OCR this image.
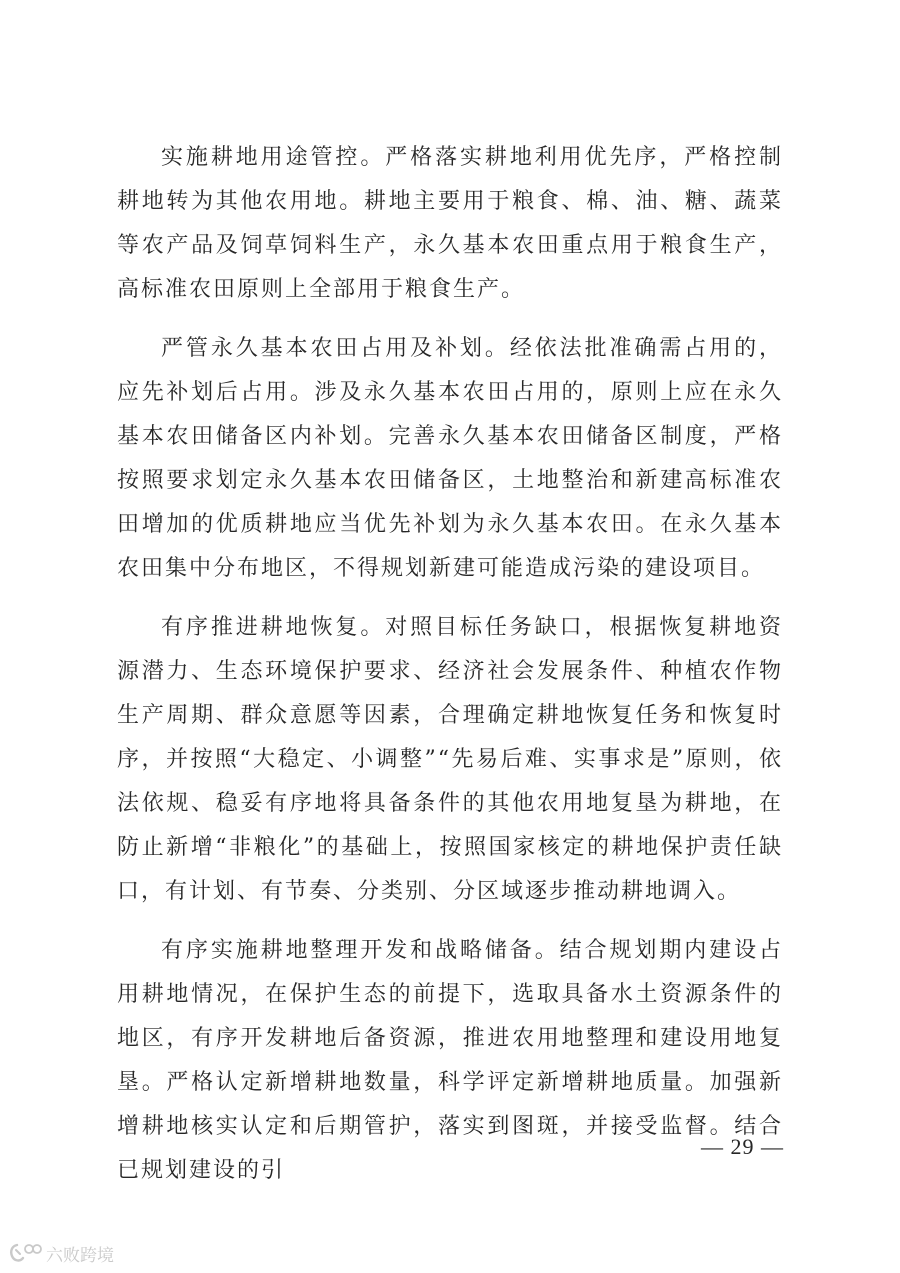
实施耕地用途管控。严格落实耕地利用优先序，严格控制耕地转为其他农用地。耕地主要用于粮食、棉、油、糖、蔬菜等农产品及饲草饲料生产，永久基本农田重点用于粮食生产，高标准农田原则上全部用于粮食生产。

严管永久基本农田占用及补划。经依法批准确需占用的，应先补划后占用。涉及永久基本农田占用的，原则上应在永久基本农田储备区内补划。完善永久基本农田储备区制度，严格按照要求划定永久基本农田储备区，土地整治和新建高标准农田增加的优质耕地应当优先补划为永久基本农田。在永久基本农田集中分布地区，不得规划新建可能造成污染的建设项目。

有序推进耕地恢复。对照目标任务缺口，根据恢复耕地资源潜力、生态环境保护要求、经济社会发展条件、种植农作物生产周期、群众意愿等因素，合理确定耕地恢复任务和恢复时序，并按照“大稳定、小调整”“先易后难、实事求是”原则，依法依规、稳妥有序地将具备条件的其他农用地复垦为耕地，在防止新增“非粮化”的基础上，按照国家核定的耕地保护责任缺口，有计划、有节奏、分类别、分区域逐步推动耕地调入。

有序实施耕地整理开发和战略储备。结合规划期内建设占用耕地情况，在保护生态的前提下，选取具备水土资源条件的地区，有序开发耕地后备资源，推进农用地整理和建设用地复垦。严格认定新增耕地数量，科学评定新增耕地质量。加强新增耕地核实认定和后期管护，落实到图斑，并接受监督。结合已规划建设的引

— 29 —
六败跨境
